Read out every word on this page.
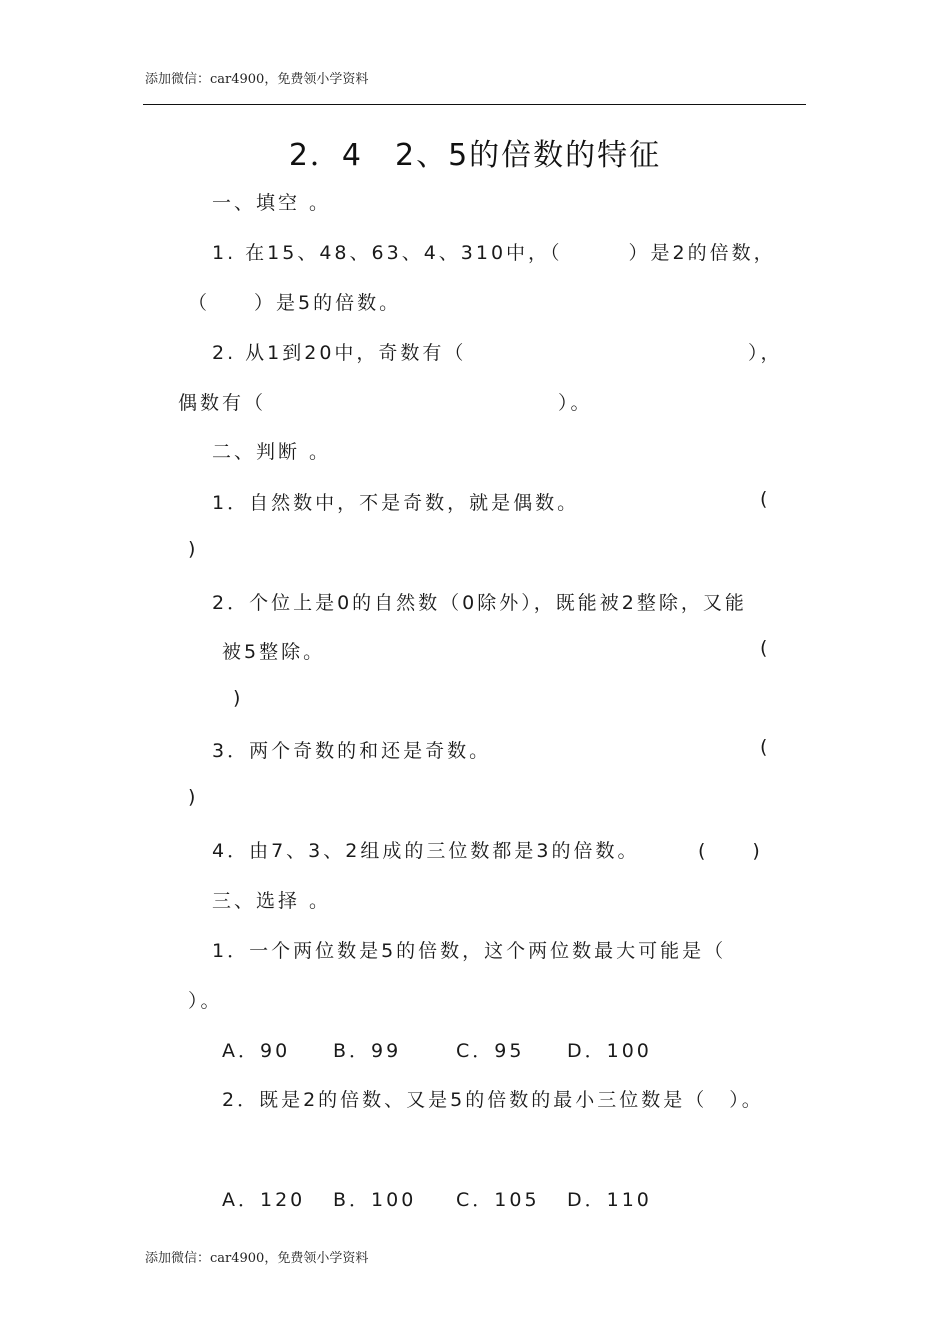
添加微信：car4900，免费领小学资料
2．4　2、5的倍数的特征
一、填空 。
1. 在15、48、63、4、310中，（　　　）是2的倍数，
（　　）是5的倍数。
2. 从1到20中，奇数有（	），
偶数有（	）。
二、判断 。
1．自然数中，不是奇数，就是偶数。	(
)
2．个位上是0的自然数（0除外），既能被2整除，又能
被5整除。	(
)
3．两个奇数的和还是奇数。	(
)
4．由7、3、2组成的三位数都是3的倍数。	(　　)
三、选择 。
1．一个两位数是5的倍数，这个两位数最大可能是（
）。
A．90 B．99	C．95 D．100
2．既是2的倍数、又是5的倍数的最小三位数是（　）。
A．120 B．100 C．105 D．110
添加微信：car4900，免费领小学资料
